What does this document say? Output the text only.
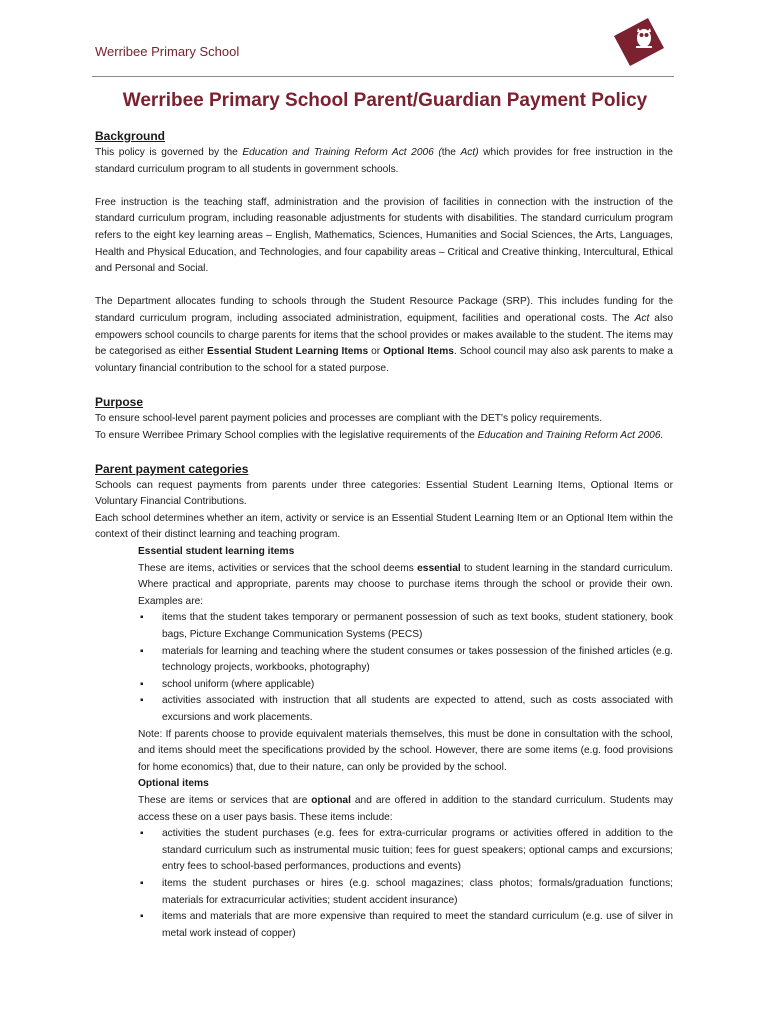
Werribee Primary School
Werribee Primary School Parent/Guardian Payment Policy

Background

This policy is governed by the Education and Training Reform Act 2006 (the Act) which provides for free instruction in the standard curriculum program to all students in government schools.

Free instruction is the teaching staff, administration and the provision of facilities in connection with the instruction of the standard curriculum program, including reasonable adjustments for students with disabilities. The standard curriculum program refers to the eight key learning areas – English, Mathematics, Sciences, Humanities and Social Sciences, the Arts, Languages, Health and Physical Education, and Technologies, and four capability areas – Critical and Creative thinking, Intercultural, Ethical and Personal and Social.

The Department allocates funding to schools through the Student Resource Package (SRP). This includes funding for the standard curriculum program, including associated administration, equipment, facilities and operational costs. The Act also empowers school councils to charge parents for items that the school provides or makes available to the student. The items may be categorised as either Essential Student Learning Items or Optional Items. School council may also ask parents to make a voluntary financial contribution to the school for a stated purpose.

Purpose

To ensure school-level parent payment policies and processes are compliant with the DET's policy requirements.

To ensure Werribee Primary School complies with the legislative requirements of the Education and Training Reform Act 2006.

Parent payment categories

Schools can request payments from parents under three categories: Essential Student Learning Items, Optional Items or Voluntary Financial Contributions.

Each school determines whether an item, activity or service is an Essential Student Learning Item or an Optional Item within the context of their distinct learning and teaching program.

Essential student learning items

These are items, activities or services that the school deems essential to student learning in the standard curriculum. Where practical and appropriate, parents may choose to purchase items through the school or provide their own. Examples are:

▪ items that the student takes temporary or permanent possession of such as text books, student stationery, book bags, Picture Exchange Communication Systems (PECS)
▪ materials for learning and teaching where the student consumes or takes possession of the finished articles (e.g. technology projects, workbooks, photography)
▪ school uniform (where applicable)
▪ activities associated with instruction that all students are expected to attend, such as costs associated with excursions and work placements.

Note: If parents choose to provide equivalent materials themselves, this must be done in consultation with the school, and items should meet the specifications provided by the school. However, there are some items (e.g. food provisions for home economics) that, due to their nature, can only be provided by the school.

Optional items

These are items or services that are optional and are offered in addition to the standard curriculum. Students may access these on a user pays basis. These items include:

▪ activities the student purchases (e.g. fees for extra-curricular programs or activities offered in addition to the standard curriculum such as instrumental music tuition; fees for guest speakers; optional camps and excursions; entry fees to school-based performances, productions and events)
▪ items the student purchases or hires (e.g. school magazines; class photos; formals/graduation functions; materials for extracurricular activities; student accident insurance)
▪ items and materials that are more expensive than required to meet the standard curriculum (e.g. use of silver in metal work instead of copper)
